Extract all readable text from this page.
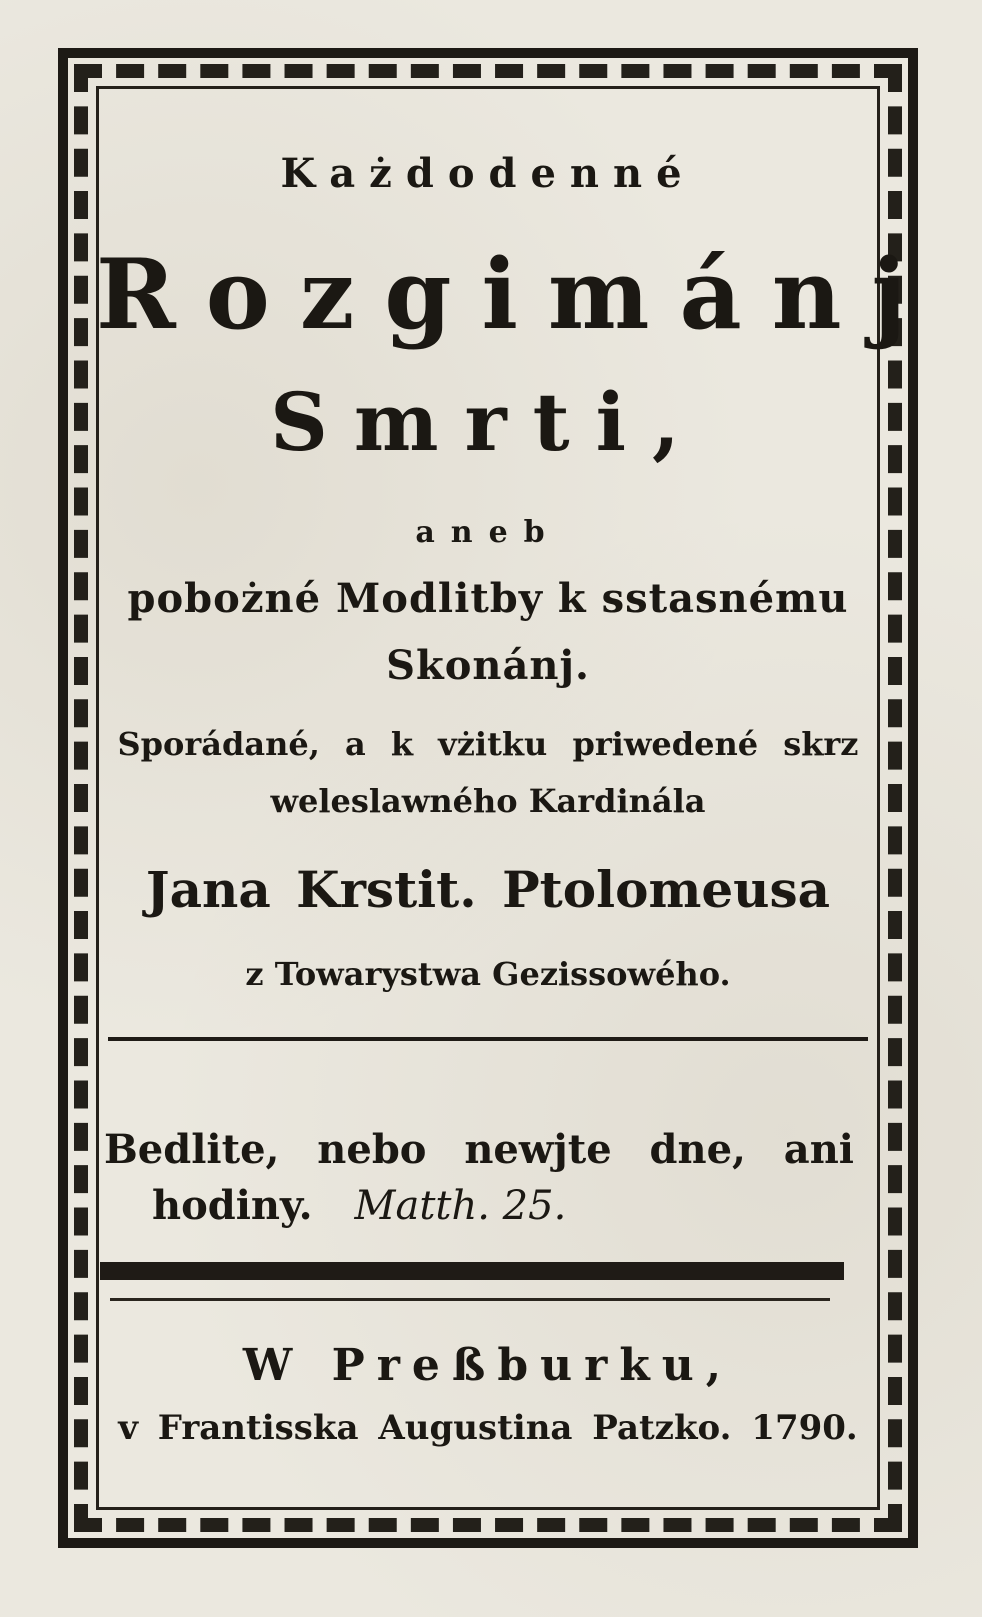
Każdodenné
Rozgimánj
Smrti,
aneb
pobożné Modlitby k sstasnému
Skonánj.
Sporádané, a k vżitku priwedené skrz
weleslawného Kardinála
Jana Krstit. Ptolomeusa
z Towarystwa Gezissowého.
Bedlite, nebo newjte dne, ani
hodiny. Matth. 25.
W Preßburku,
v Frantisska Augustina Patzko. 1790.
